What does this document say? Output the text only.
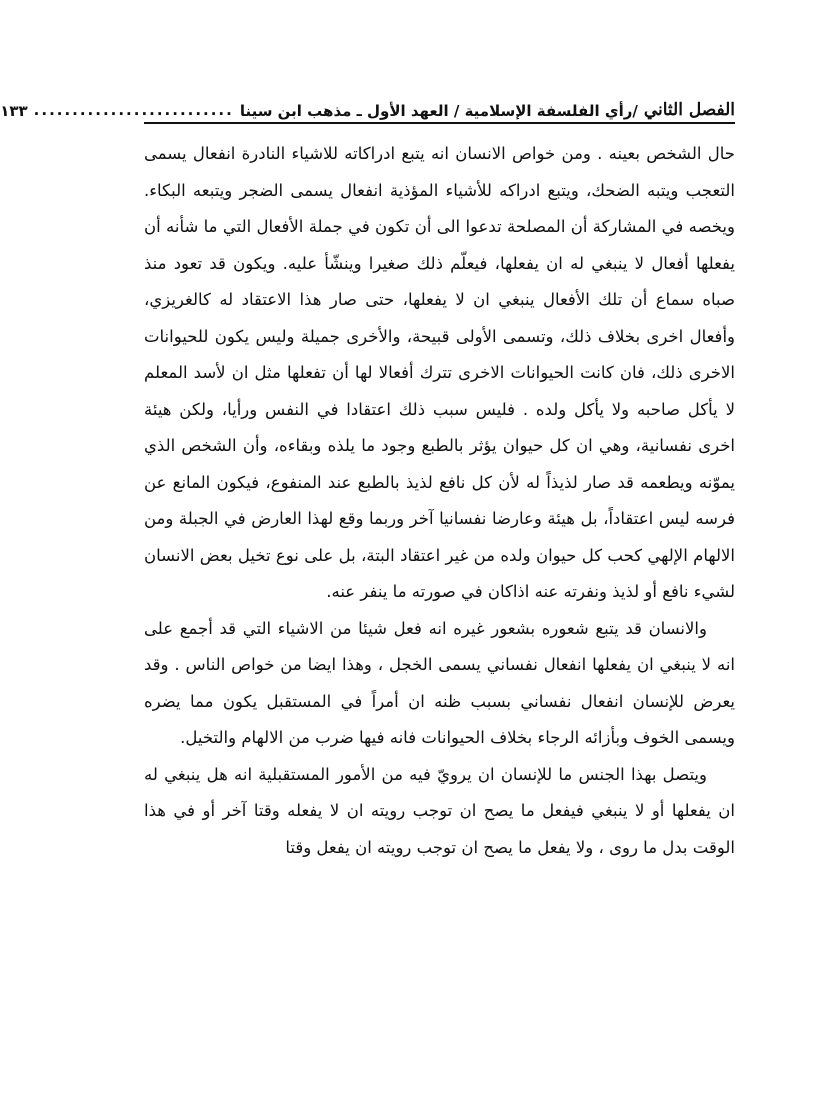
الفصل الثاني
/رأي الفلسفة الإسلامية / العهد الأول ـ مذهب ابن سينا
..........................
١٣٣

حال الشخص بعينه . ومن خواص الانسان انه يتبع ادراكاته للاشياء النادرة انفعال يسمى التعجب ويتبه الضحك، ويتبع ادراكه للأشياء المؤذية انفعال يسمى الضجر ويتبعه البكاء. ويخصه في المشاركة أن المصلحة تدعوا الى أن تكون في جملة الأفعال التي ما شأنه أن يفعلها أفعال لا ينبغي له ان يفعلها، فيعلّم ذلك صغيرا وينشّأ عليه. ويكون قد تعود منذ صباه سماع أن تلك الأفعال ينبغي ان لا يفعلها، حتى صار هذا الاعتقاد له كالغريزي، وأفعال اخرى بخلاف ذلك، وتسمى الأولى قبيحة، والأخرى جميلة وليس يكون للحيوانات الاخرى ذلك، فان كانت الحيوانات الاخرى تترك أفعالا لها أن تفعلها مثل ان لأسد المعلم لا يأكل صاحبه ولا يأكل ولده . فليس سبب ذلك اعتقادا في النفس ورأيا، ولكن هيئة اخرى نفسانية، وهي ان كل حيوان يؤثر بالطبع وجود ما يلذه وبقاءه، وأن الشخص الذي يموّنه ويطعمه قد صار لذيذاً له لأن كل نافع لذيذ بالطبع عند المنفوع، فيكون المانع عن فرسه ليس اعتقاداً، بل هيئة وعارضا نفسانيا آخر وربما وقع لهذا العارض في الجبلة ومن الالهام الإلهي كحب كل حيوان ولده من غير اعتقاد البتة، بل على نوع تخيل بعض الانسان لشيء نافع أو لذيذ ونفرته عنه اذاكان في صورته ما ينفر عنه.

والانسان قد يتبع شعوره بشعور غيره انه فعل شيئا من الاشياء التي قد أجمع على انه لا ينبغي ان يفعلها انفعال نفساني يسمى الخجل ، وهذا ايضا من خواص الناس . وقد يعرض للإنسان انفعال نفساني بسبب ظنه ان أمراً في المستقبل يكون مما يضره ويسمى الخوف وبأزائه الرجاء بخلاف الحيوانات فانه فيها ضرب من الالهام والتخيل.

ويتصل بهذا الجنس ما للإنسان ان يرويّ فيه من الأمور المستقبلية انه هل ينبغي له ان يفعلها أو لا ينبغي فيفعل ما يصح ان توجب رويته ان لا يفعله وقتا آخر أو في هذا الوقت بدل ما روى ، ولا يفعل ما يصح ان توجب رويته ان يفعل وقتا
